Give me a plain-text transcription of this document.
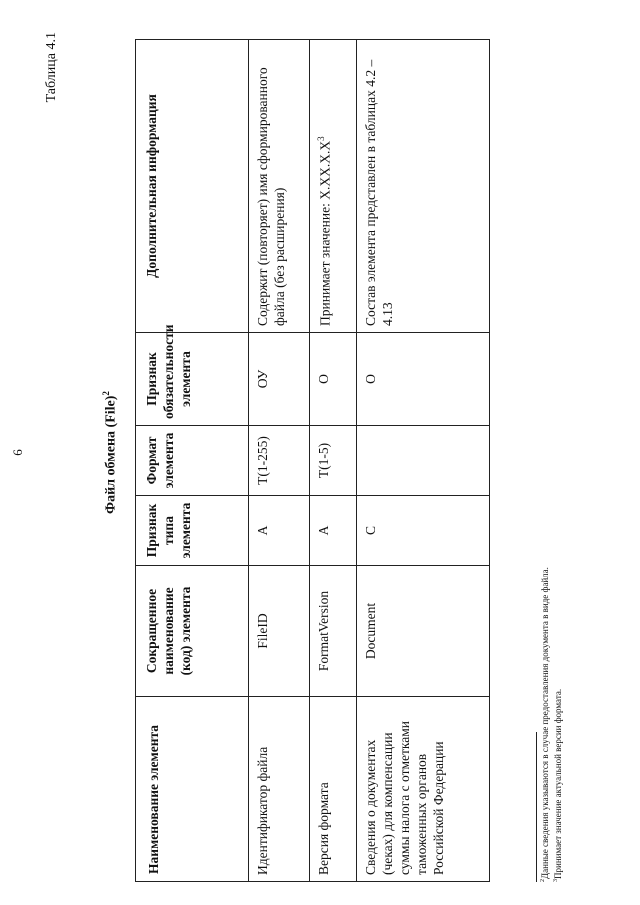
6
Таблица 4.1
Файл обмена (File)$^2$
Наименование элемента	Сокращенное наименование (код) элемента	Признак типа элемента	Формат элемента	Признак обязательности элемента	Дополнительная информация
Идентификатор файла	FileID	А	T(1-255)	ОУ	Содержит (повторяет) имя сформированного файла (без расширения)
Версия формата	FormatVersion	А	T(1-5)	О	Принимает значение: $X.XX.X.X^3$
Сведения о документах (чеках) для компенсации суммы налога с отметками таможенных органов Российской Федерации	Document	С		О	Состав элемента представлен в таблицах 4.2 – 4.13
$^2$Данные сведения указываются в случае предоставления документа в виде файла.
$^3$Принимает значение актуальной версии формата.
